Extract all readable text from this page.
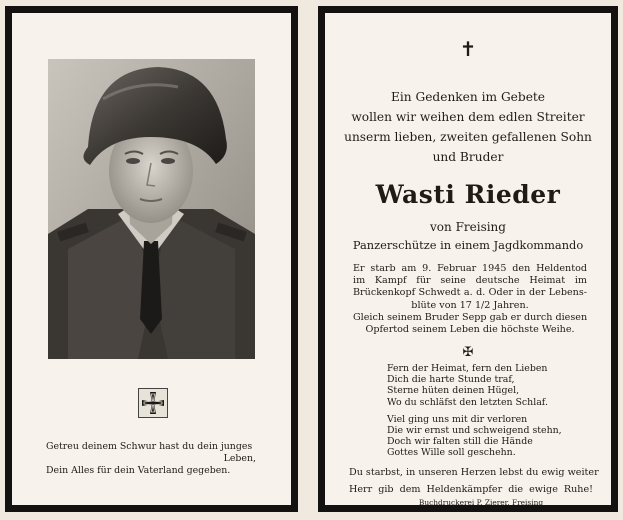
Getreu deinem Schwur hast du dein junges
Leben,
Dein Alles für dein Vaterland gegeben.
✝
Ein Gedenken im Gebete
wollen wir weihen dem edlen Streiter
unserm lieben, zweiten gefallenen Sohn
und Bruder
Wasti Rieder
von Freising
Panzerschütze in einem Jagdkommando
Er starb am 9. Februar 1945 den Heldentod
im Kampf für seine deutsche Heimat im
Brückenkopf Schwedt a. d. Oder in der Lebens-
blüte von 17 1/2 Jahren.
Gleich seinem Bruder Sepp gab er durch diesen
Opfertod seinem Leben die höchste Weihe.
✠
Fern der Heimat, fern den Lieben
Dich die harte Stunde traf,
Sterne hüten deinen Hügel,
Wo du schläfst den letzten Schlaf.
Viel ging uns mit dir verloren
Die wir ernst und schweigend stehn,
Doch wir falten still die Hände
Gottes Wille soll geschehn.
Du starbst, in unseren Herzen lebst du ewig weiter
Herr gib dem Heldenkämpfer die ewige Ruhe!
Buchdruckerei P. Zierer, Freising
